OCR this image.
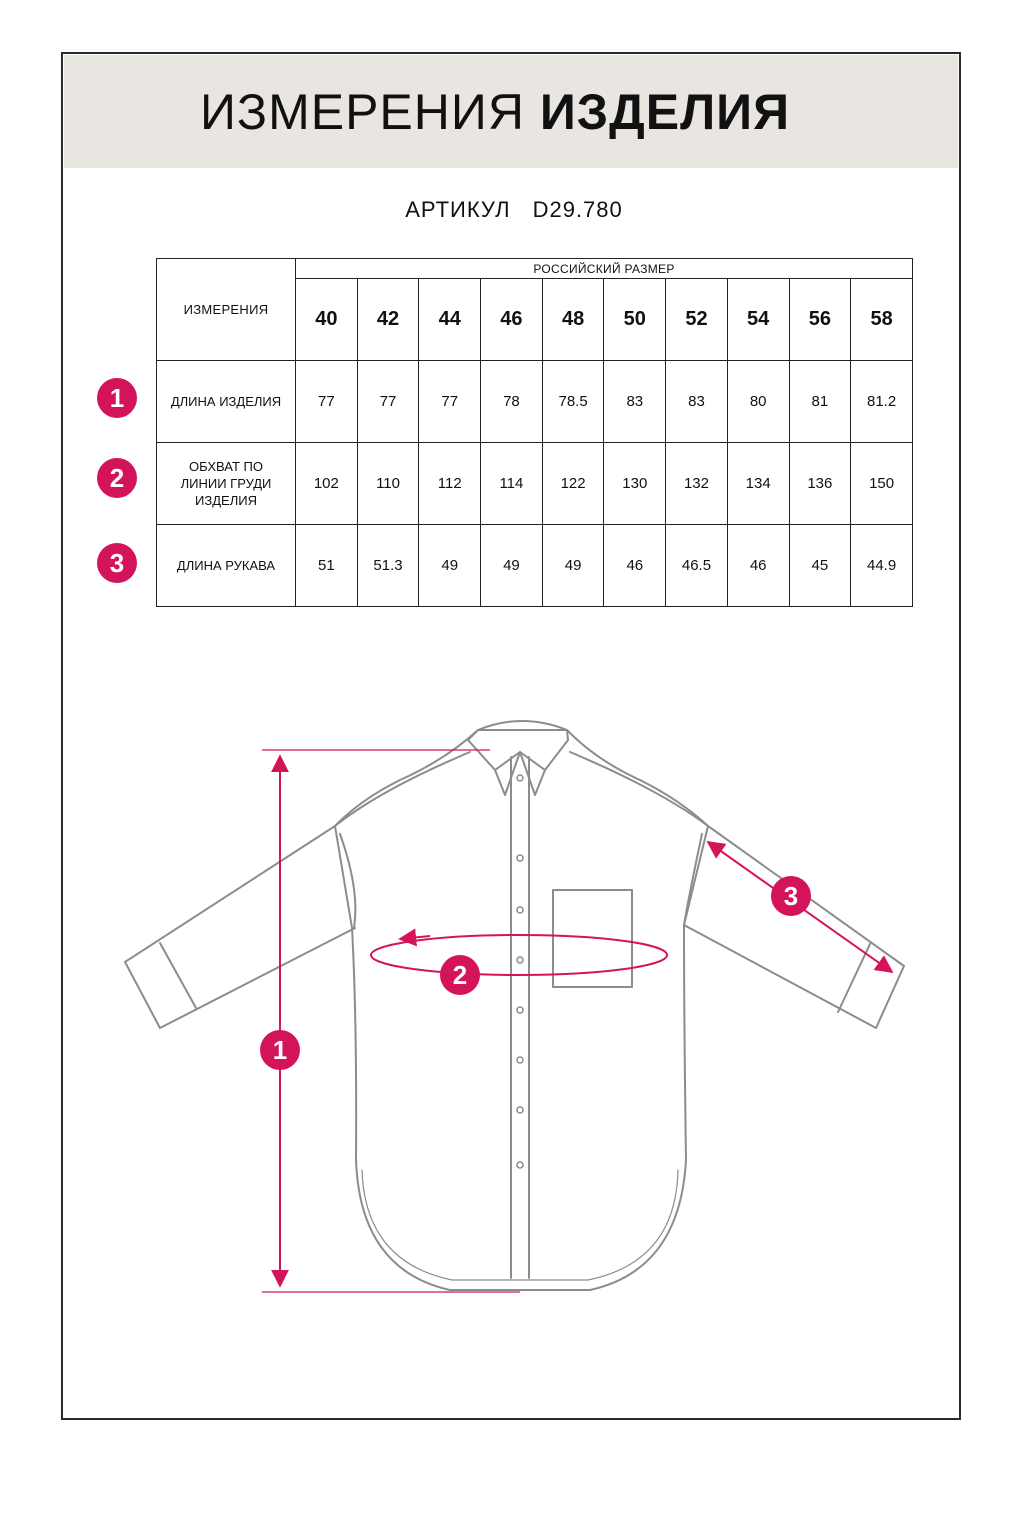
ИЗМЕРЕНИЯ ИЗДЕЛИЯ
АРТИКУЛ D29.780
ИЗМЕРЕНИЯ	РОССИЙСКИЙ РАЗМЕР									
	40	42	44	46	48	50	52	54	56	58
ДЛИНА ИЗДЕЛИЯ	77	77	77	78	78.5	83	83	80	81	81.2

ОБХВАТ ПО
ЛИНИИ ГРУДИ
ИЗДЕЛИЯ	102	110	112	114	122	130	132	134	136	150
ДЛИНА РУКАВА	51	51.3	49	49	49	46	46.5	46	45	44.9
1
2
3
1
2
3
